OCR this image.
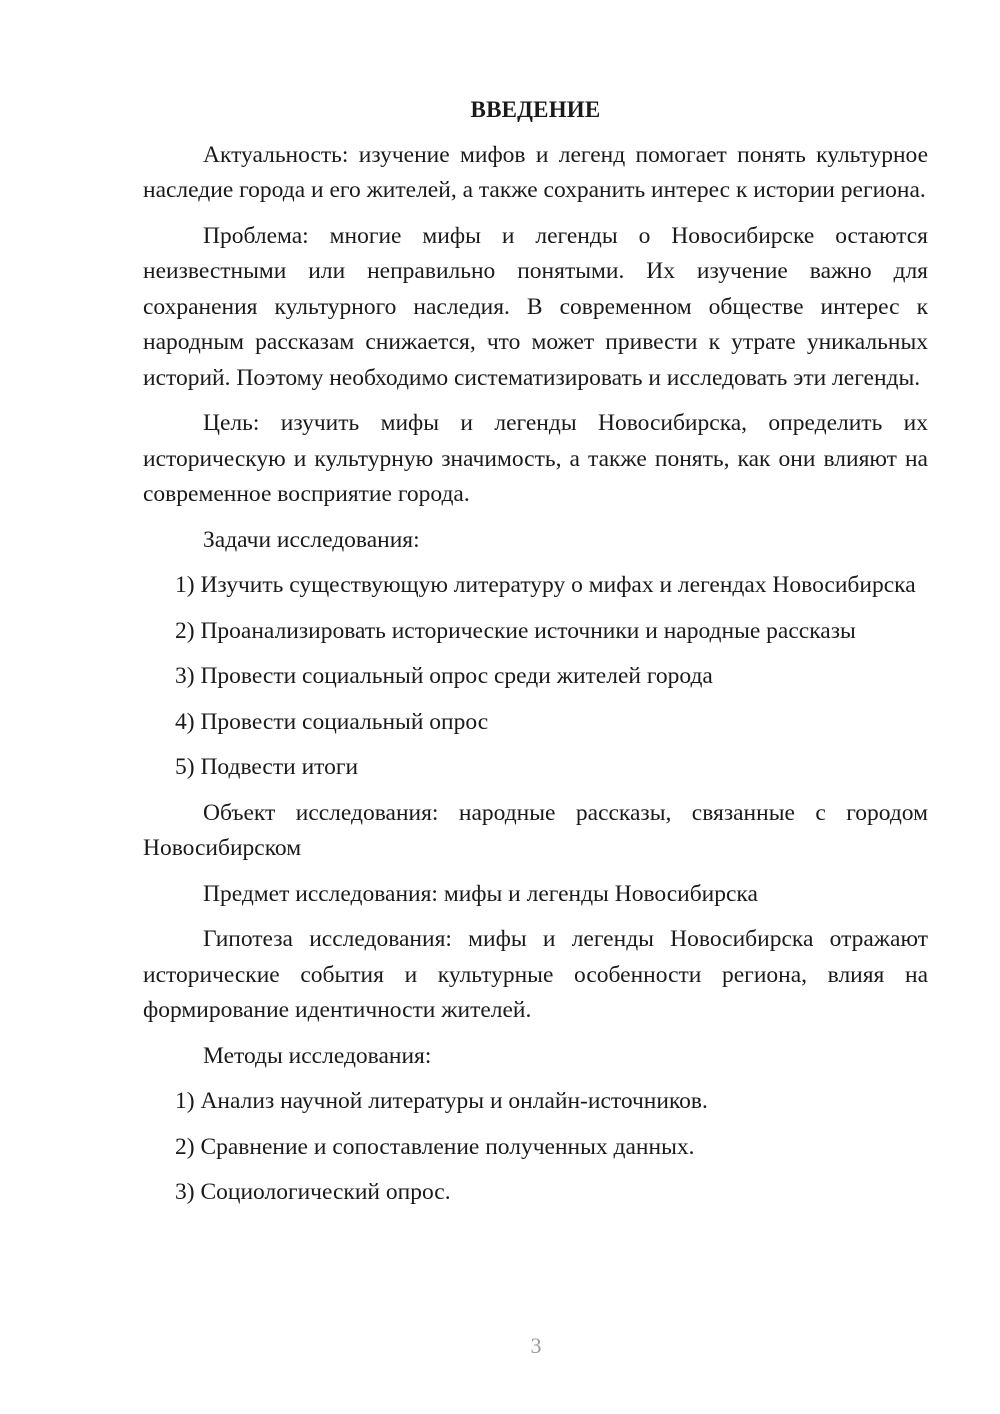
ВВЕДЕНИЕ
Актуальность: изучение мифов и легенд помогает понять культурное наследие города и его жителей, а также сохранить интерес к истории региона.
Проблема: многие мифы и легенды о Новосибирске остаются неизвестными или неправильно понятыми. Их изучение важно для сохранения культурного наследия. В современном обществе интерес к народным рассказам снижается, что может привести к утрате уникальных историй. Поэтому необходимо систематизировать и исследовать эти легенды.
Цель: изучить мифы и легенды Новосибирска, определить их историческую и культурную значимость, а также понять, как они влияют на современное восприятие города.
Задачи исследования:
1) Изучить существующую литературу о мифах и легендах Новосибирска
2) Проанализировать исторические источники и народные рассказы
3) Провести социальный опрос среди жителей города
4) Провести социальный опрос
5) Подвести итоги
Объект исследования: народные рассказы, связанные с городом Новосибирском
Предмет исследования: мифы и легенды Новосибирска
Гипотеза исследования: мифы и легенды Новосибирска отражают исторические события и культурные особенности региона, влияя на формирование идентичности жителей.
Методы исследования:
1) Анализ научной литературы и онлайн-источников.
2) Сравнение и сопоставление полученных данных.
3) Социологический опрос.
3
